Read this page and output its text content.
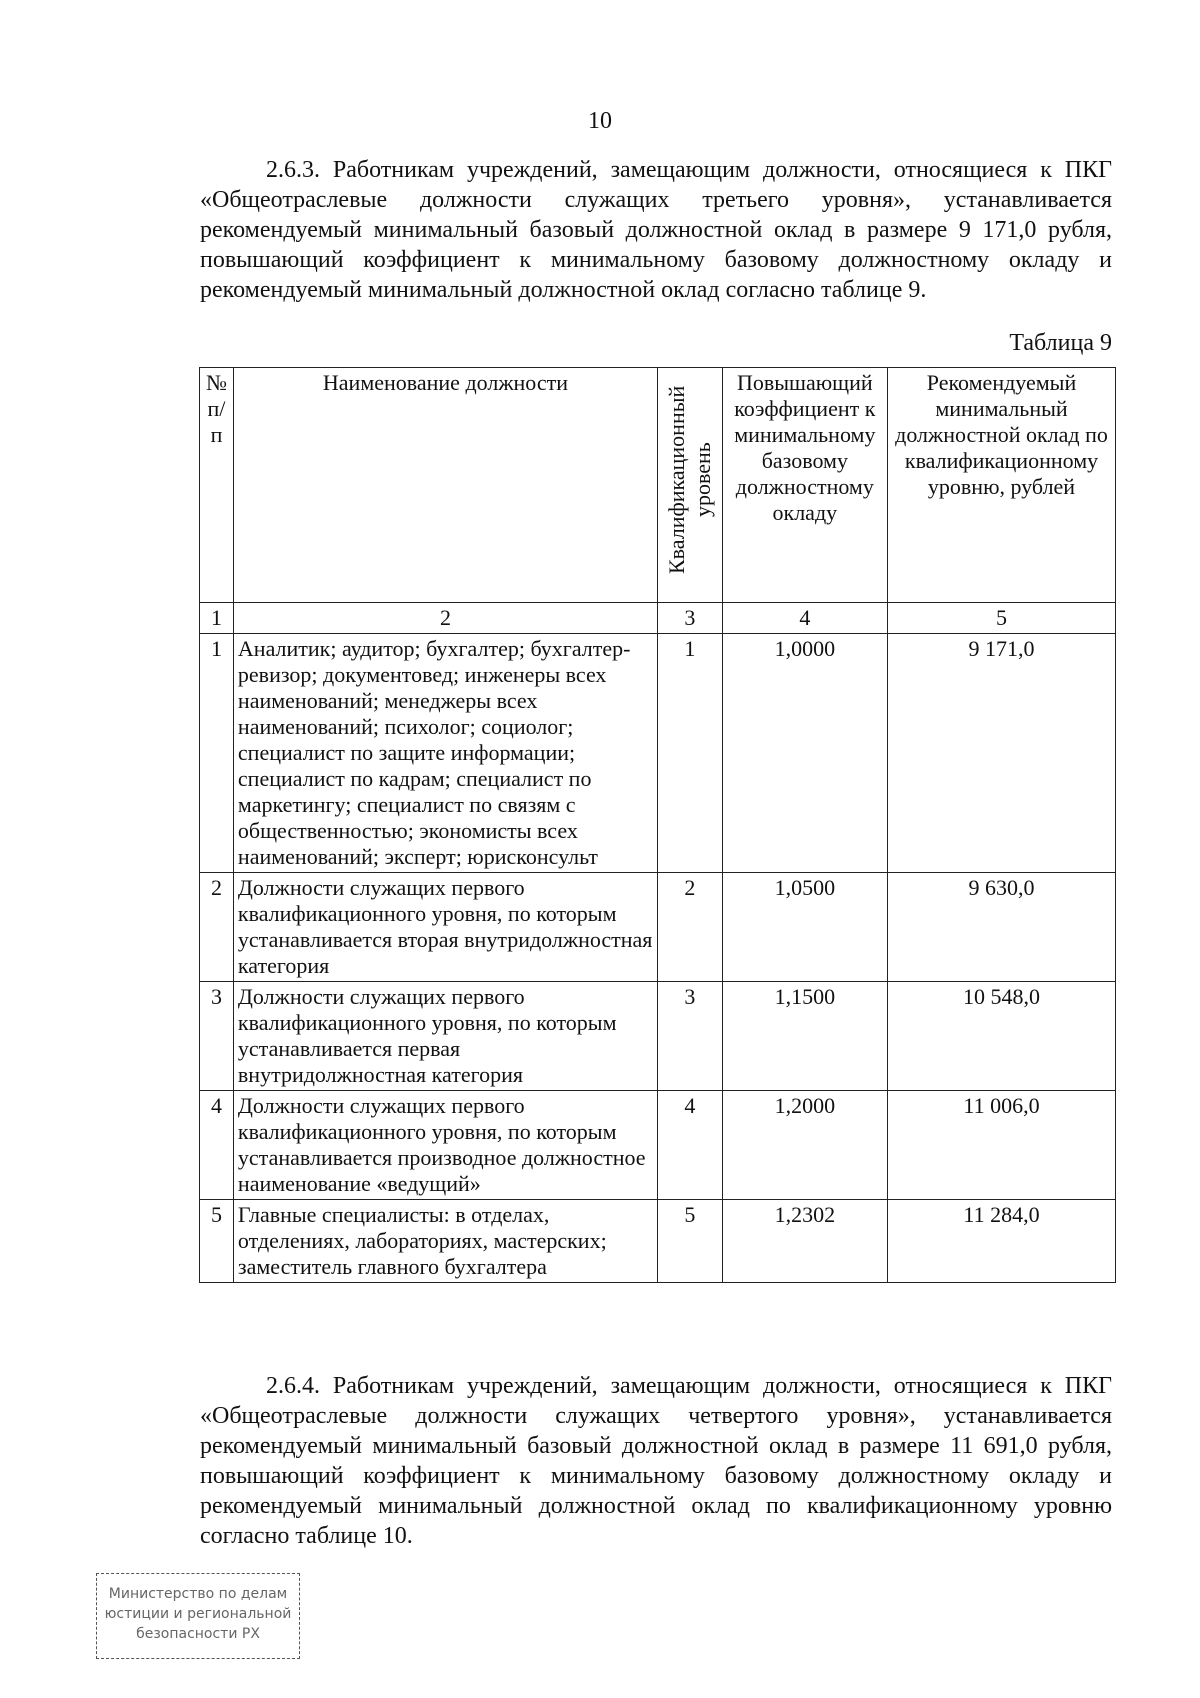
10

2.6.3. Работникам учреждений, замещающим должности, относящиеся к ПКГ «Общеотраслевые должности служащих третьего уровня», устанавливается рекомендуемый минимальный базовый должностной оклад в размере 9 171,0 рубля, повышающий коэффициент к минимальному базовому должностному окладу и рекомендуемый минимальный должностной оклад согласно таблице 9.

Таблица 9
№ п/п	Наименование должности	Квалификационный уровень	Повышающий коэффициент к минимальному базовому должностному окладу	Рекомендуемый минимальный должностной оклад по квалификационному уровню, рублей
1	2	3	4	5
1	Аналитик; аудитор; бухгалтер; бухгалтер-ревизор; документовед; инженеры всех наименований; менеджеры всех наименований; психолог; социолог; специалист по защите информации; специалист по кадрам; специалист по маркетингу; специалист по связям с общественностью; экономисты всех наименований; эксперт; юрисконсульт	1	1,0000	9 171,0
2	Должности служащих первого квалификационного уровня, по которым устанавливается вторая внутридолжностная категория	2	1,0500	9 630,0
3	Должности служащих первого квалификационного уровня, по которым устанавливается первая внутридолжностная категория	3	1,1500	10 548,0
4	Должности служащих первого квалификационного уровня, по которым устанавливается производное должностное наименование «ведущий»	4	1,2000	11 006,0
5	Главные специалисты: в отделах, отделениях, лабораториях, мастерских; заместитель главного бухгалтера	5	1,2302	11 284,0

2.6.4. Работникам учреждений, замещающим должности, относящиеся к ПКГ «Общеотраслевые должности служащих четвертого уровня», устанавливается рекомендуемый минимальный базовый должностной оклад в размере 11 691,0 рубля, повышающий коэффициент к минимальному базовому должностному окладу и рекомендуемый минимальный должностной оклад по квалификационному уровню согласно таблице 10.

Министерство по делам
юстиции и региональной
безопасности РХ
